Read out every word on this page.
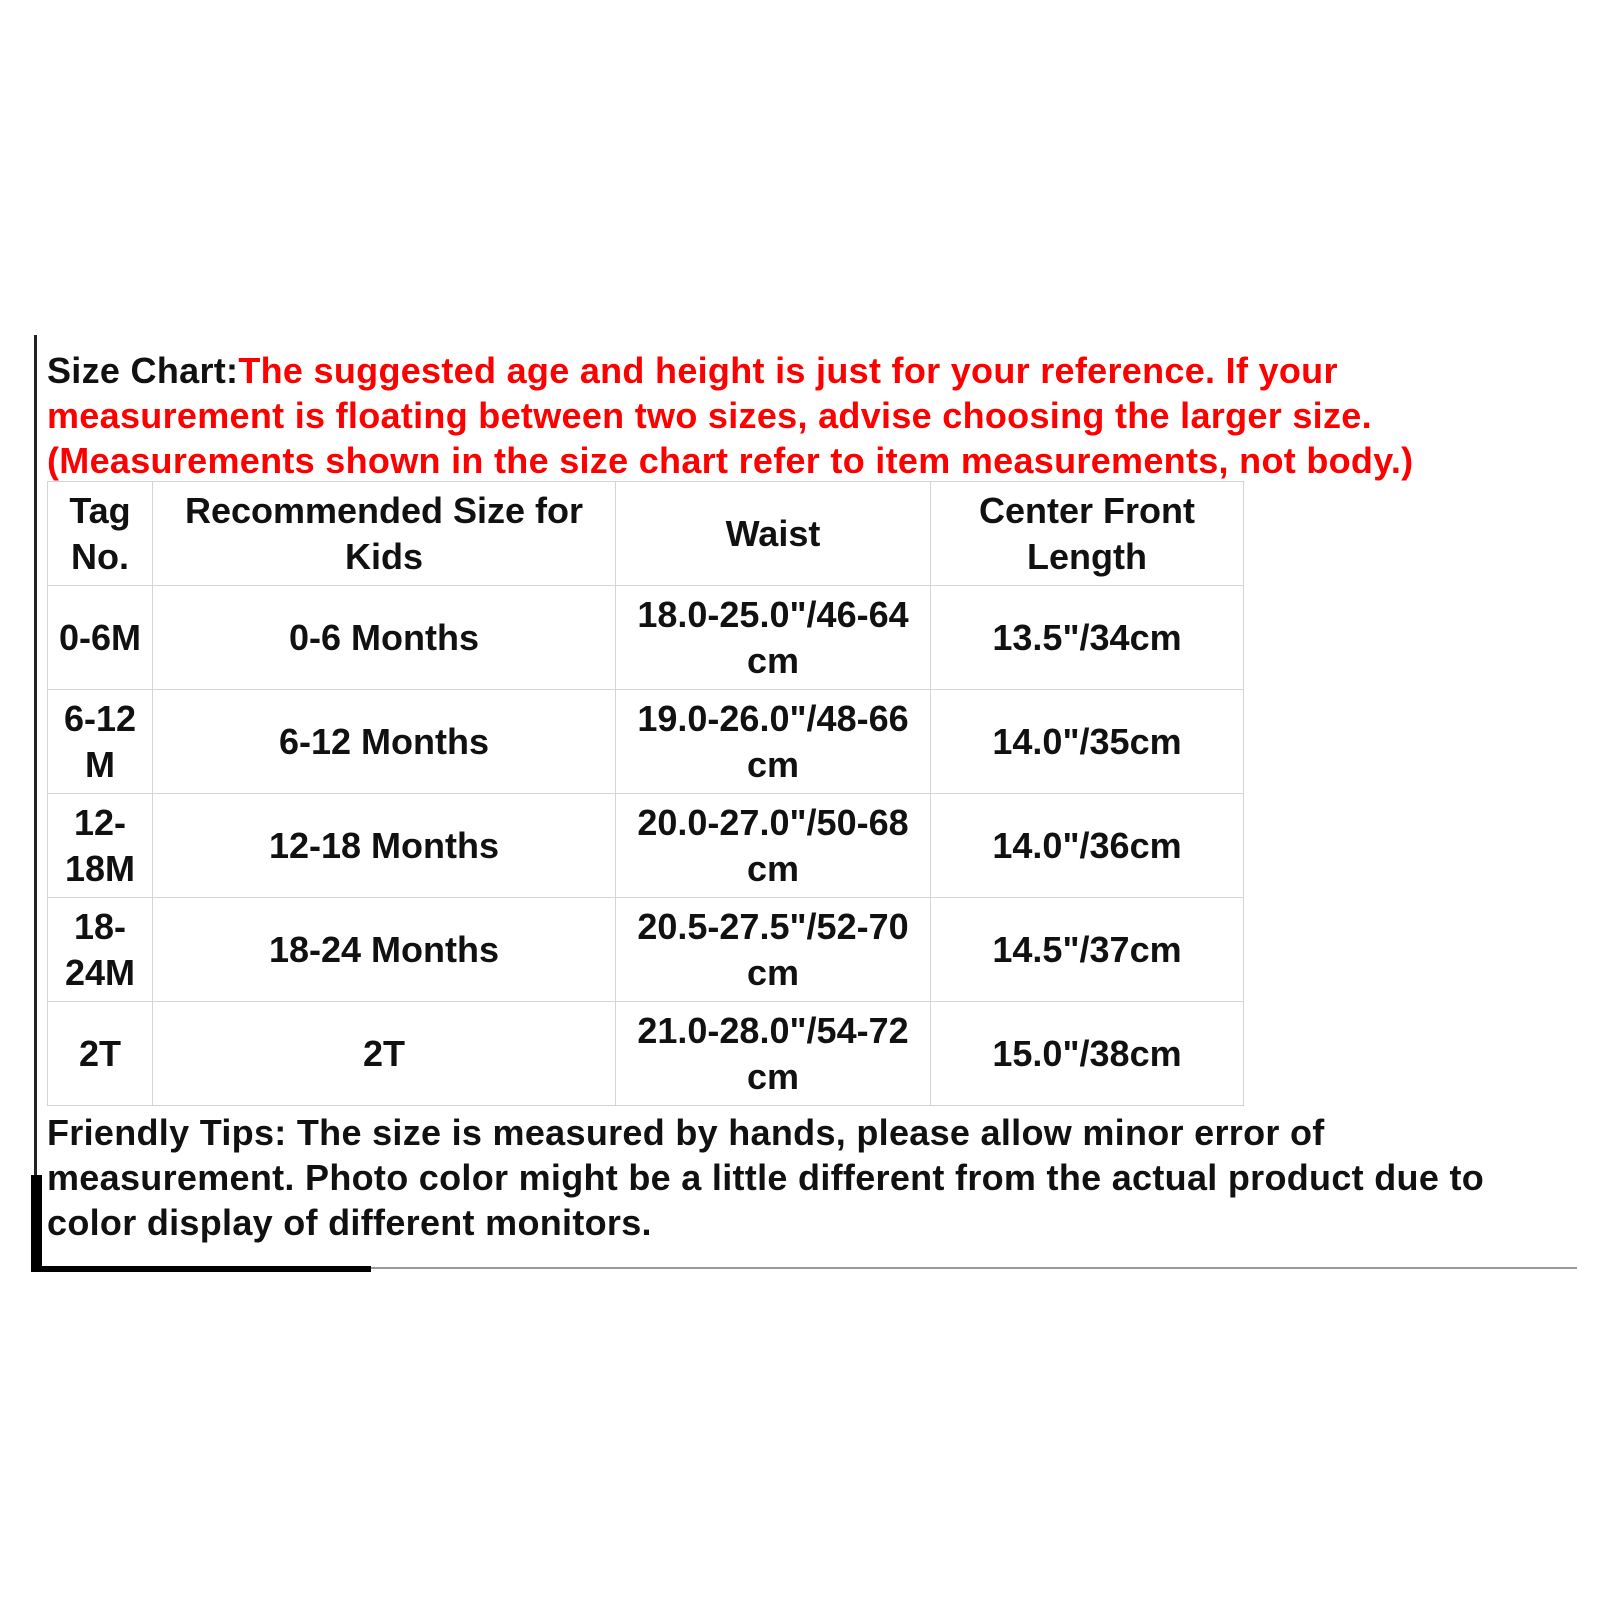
Size Chart:The suggested age and height is just for your reference. If your measurement is floating between two sizes, advise choosing the larger size. (Measurements shown in the size chart refer to item measurements, not body.)

Tag No.	Recommended Size for Kids	Waist	Center Front Length
0-6M	0-6 Months	18.0-25.0"/46-64 cm	13.5"/34cm
6-12 M	6-12 Months	19.0-26.0"/48-66 cm	14.0"/35cm
12-18M	12-18 Months	20.0-27.0"/50-68 cm	14.0"/36cm
18-24M	18-24 Months	20.5-27.5"/52-70 cm	14.5"/37cm
2T	2T	21.0-28.0"/54-72 cm	15.0"/38cm

Friendly Tips: The size is measured by hands, please allow minor error of measurement. Photo color might be a little different from the actual product due to color display of different monitors.
